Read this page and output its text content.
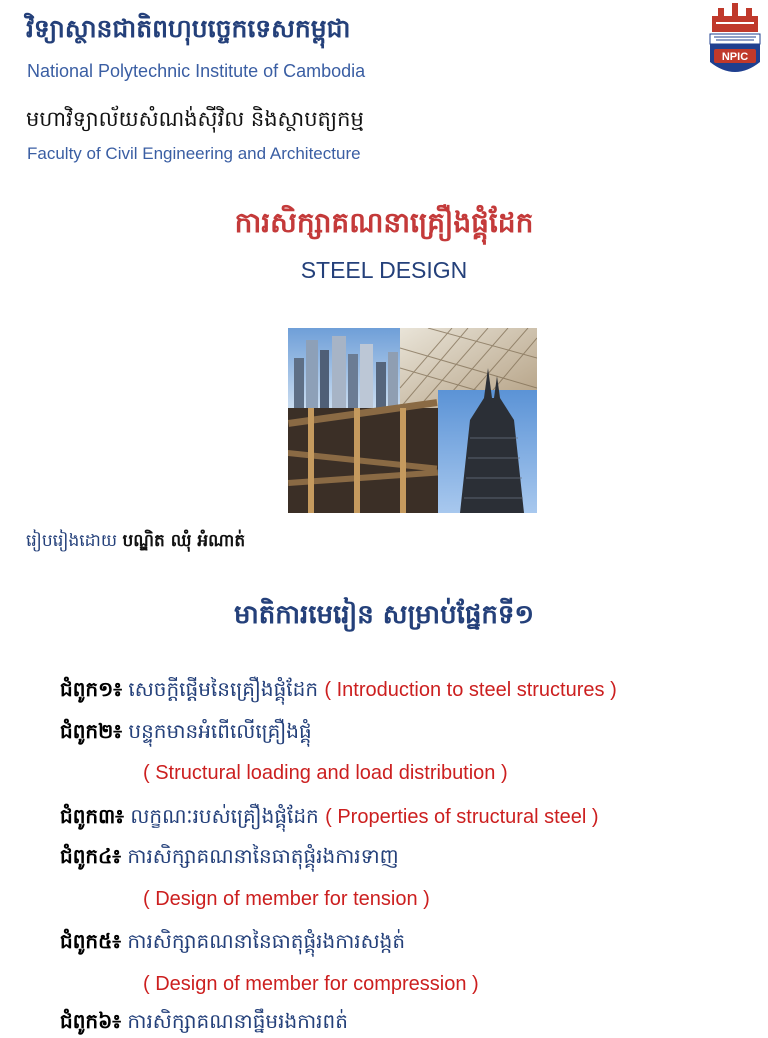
វិទ្យាស្ថានជាតិពហុបច្ចេកទេសកម្ពុជា
National Polytechnic Institute of Cambodia
មហាវិទ្យាល័យសំណង់ស៊ីវិល និងស្ថាបត្យកម្ម
Faculty of Civil Engineering and Architecture
NPIC
ការសិក្សាគណនាគ្រឿងផ្គុំដែក
STEEL DESIGN
រៀបរៀងដោយ បណ្ឌិត ឈុំ អំណាត់
មាតិការមេរៀន សម្រាប់ផ្នែកទី១
ជំពូក១៖ សេចក្តីផ្តើមនៃគ្រឿងផ្គុំដែក ( Introduction to steel structures )
ជំពូក២៖ បន្ទុកមានអំពើលើគ្រឿងផ្គុំ
( Structural loading and load distribution )
ជំពូក៣៖ លក្ខណៈរបស់គ្រឿងផ្គុំដែក ( Properties of structural steel )
ជំពូក៤៖ ការសិក្សាគណនានៃធាតុផ្គុំរងការទាញ
( Design of member for tension )
ជំពូក៥៖ ការសិក្សាគណនានៃធាតុផ្គុំរងការសង្កត់
( Design of member for compression )
ជំពូក៦៖ ការសិក្សាគណនាធ្នឹមរងការពត់
